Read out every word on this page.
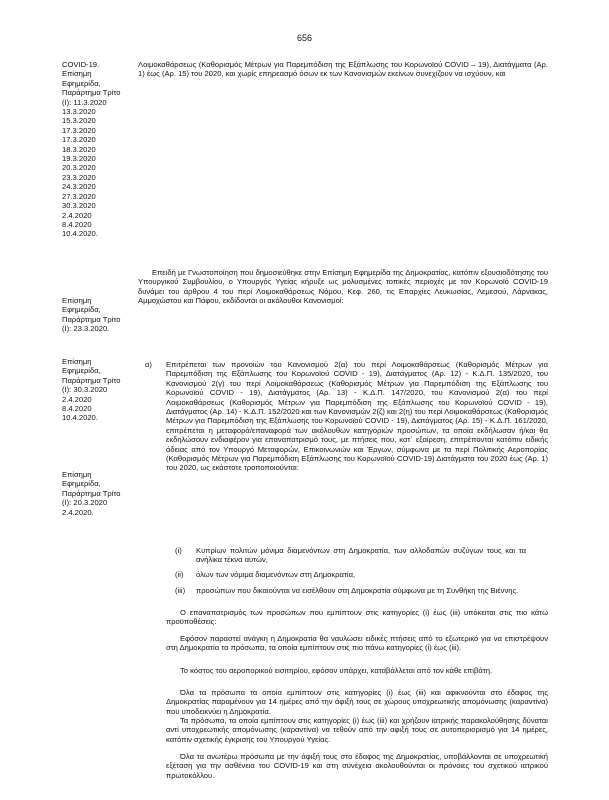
656
COVID-19. Επίσημη Εφημερίδα, Παράρτημα Τρίτο (Ι): 11.3.2020 13.3.2020 15.3.2020 17.3.2020 17.3.2020 18.3.2020 19.3.2020 20.3.2020 23.3.2020 24.3.2020 27.3.2020 30.3.2020 2.4.2020 8.4.2020 10.4.2020.
Επίσημη Εφημερίδα, Παράρτημα Τρίτο (Ι): 23.3.2020.
Επίσημη Εφημερίδα, Παράρτημα Τρίτο (Ι): 30.3.2020 2.4.2020 8.4.2020 10.4.2020.
Επίσημη Εφημερίδα, Παράρτημα Τρίτο (Ι): 20.3.2020 2.4.2020.
Λοιμοκαθάρσεως (Καθορισμός Μέτρων για Παρεμπόδιση της Εξάπλωσης του Κορωνοϊού COVID – 19), Διατάγματα (Αρ. 1) έως (Αρ. 15) του 2020, και χωρίς επηρεασμό όσων εκ των Κανονισμών εκείνων συνεχίζουν να ισχύουν, και
Επειδή με Γνωστοποίηση που δημοσιεύθηκε στην Επίσημη Εφημερίδα της Δημοκρατίας, κατόπιν εξουσιοδότησης του Υπουργικού Συμβουλίου, ο Υπουργός Υγείας κήρυξε ως μολυσμένες τοπικές περιοχές με τον Κορωνοϊό COVID-19 δυνάμει του άρθρου 4 του περί Λοιμοκαθάρσεως Νόμου, Κεφ. 260, τις Επαρχίες Λευκωσίας, Λεμεσού, Λάρνακας, Αμμοχώστου και Πάφου, εκδίδονται οι ακόλουθοι Κανονισμοί:
α) Επιτρέπεται των προνοιών του Κανονισμού 2(α) του περί Λοιμοκαθάρσεως (Καθορισμός Μέτρων για Παρεμπόδιση της Εξάπλωσης του Κορωνοϊού COVID - 19), Διατάγματος (Αρ. 12) - Κ.Δ.Π. 135/2020, του Κανονισμού 2(γ) του περί Λοιμοκαθάρσεως (Καθορισμός Μέτρων για Παρεμπόδιση της Εξάπλωσης του Κορωνοϊού COVID - 19), Διατάγματος (Αρ. 13) - Κ.Δ.Π. 147/2020, του Κανονισμού 2(α) του περί Λοιμοκαθάρσεως (Καθορισμός Μέτρων για Παρεμπόδιση της Εξάπλωσης του Κορωνοϊού COVID - 19), Διατάγματος (Αρ. 14) - Κ.Δ.Π. 152/2020 και των Κανονισμών 2(ζ) και 2(η) του περί Λοιμοκαθάρσεως (Καθορισμός Μέτρων για Παρεμπόδιση της Εξάπλωσης του Κορωνοϊού COVID - 19), Διατάγματος (Αρ. 15) - Κ.Δ.Π. 161/2020, επιτρέπεται η μεταφορά/επαναφορά των ακόλουθων κατηγοριών προσώπων, τα οποία εκδήλωσαν ή/και θα εκδηλώσουν ενδιαφέρον για επαναπατρισμό τους, με πτήσεις που, κατ᾽ εξαίρεση, επιτρέπονται κατόπιν ειδικής άδειας από τον Υπουργό Μεταφορών, Επικοινωνιών και Έργων, σύμφωνα με τα περί Πολιτικής Αεροπορίας (Καθορισμός Μέτρων για Παρεμπόδιση Εξάπλωσης του Κορωνοϊού COVID-19) Διατάγματα του 2020 έως (Αρ. 1) του 2020, ως εκάστοτε τροποποιούνται:
(i) Κυπρίων πολιτών μόνιμα διαμενόντων στη Δημοκρατία, των αλλοδαπών συζύγων τους και τα ανήλικα τέκνα αυτών,
(ii) όλων των νόμιμα διαμενόντων στη Δημοκρατία,
(iii) προσώπων που δικαιούνται να εισέλθουν στη Δημοκρατία σύμφωνα με τη Συνθήκη της Βιέννης.
Ο επαναπατρισμός των προσώπων που εμπίπτουν στις κατηγορίες (i) έως (iii) υπόκειται στις πιο κάτω προϋποθέσεις:
Εφόσον παραστεί ανάγκη η Δημοκρατία θα ναυλώσει ειδικές πτήσεις από το εξωτερικό για να επιστρέψουν στη Δημοκρατία τα πρόσωπα, τα οποία εμπίπτουν στις πιο πάνω κατηγορίες (i) έως (iii).
Το κόστος του αεροπορικού εισιτηρίου, εφόσον υπάρχει, καταβάλλεται από τον κάθε επιβάτη.
Όλα τα πρόσωπα τα οποία εμπίπτουν στις κατηγορίες (i) έως (iii) και αφικνούνται στο έδαφος της Δημοκρατίας παραμένουν για 14 ημέρες από την άφιξή τους σε χώρους υποχρεωτικής απομόνωσης (καραντίνα) που υποδεικνύει η Δημοκρατία.
Τα πρόσωπα, τα οποία εμπίπτουν στις κατηγορίες (i) έως (iii) και χρήζουν ιατρικής παρακολούθησης δύναται αντί υποχρεωτικής απομόνωσης (καραντίνα) να τεθούν από την αφιξή τους σε αυτοπεριορισμό για 14 ημέρες, κατόπιν σχετικής έγκρισης του Υπουργού Υγείας.
Όλα τα ανωτέρω πρόσωπα με την άφιξή τους στο έδαφος της Δημοκρατίας, υποβάλλονται σε υποχρεωτική εξέταση για την ασθένεια του COVID-19 και στη συνέχεια ακολουθούνται οι πρόνοιες του σχετικού ιατρικού πρωτοκόλλου.
